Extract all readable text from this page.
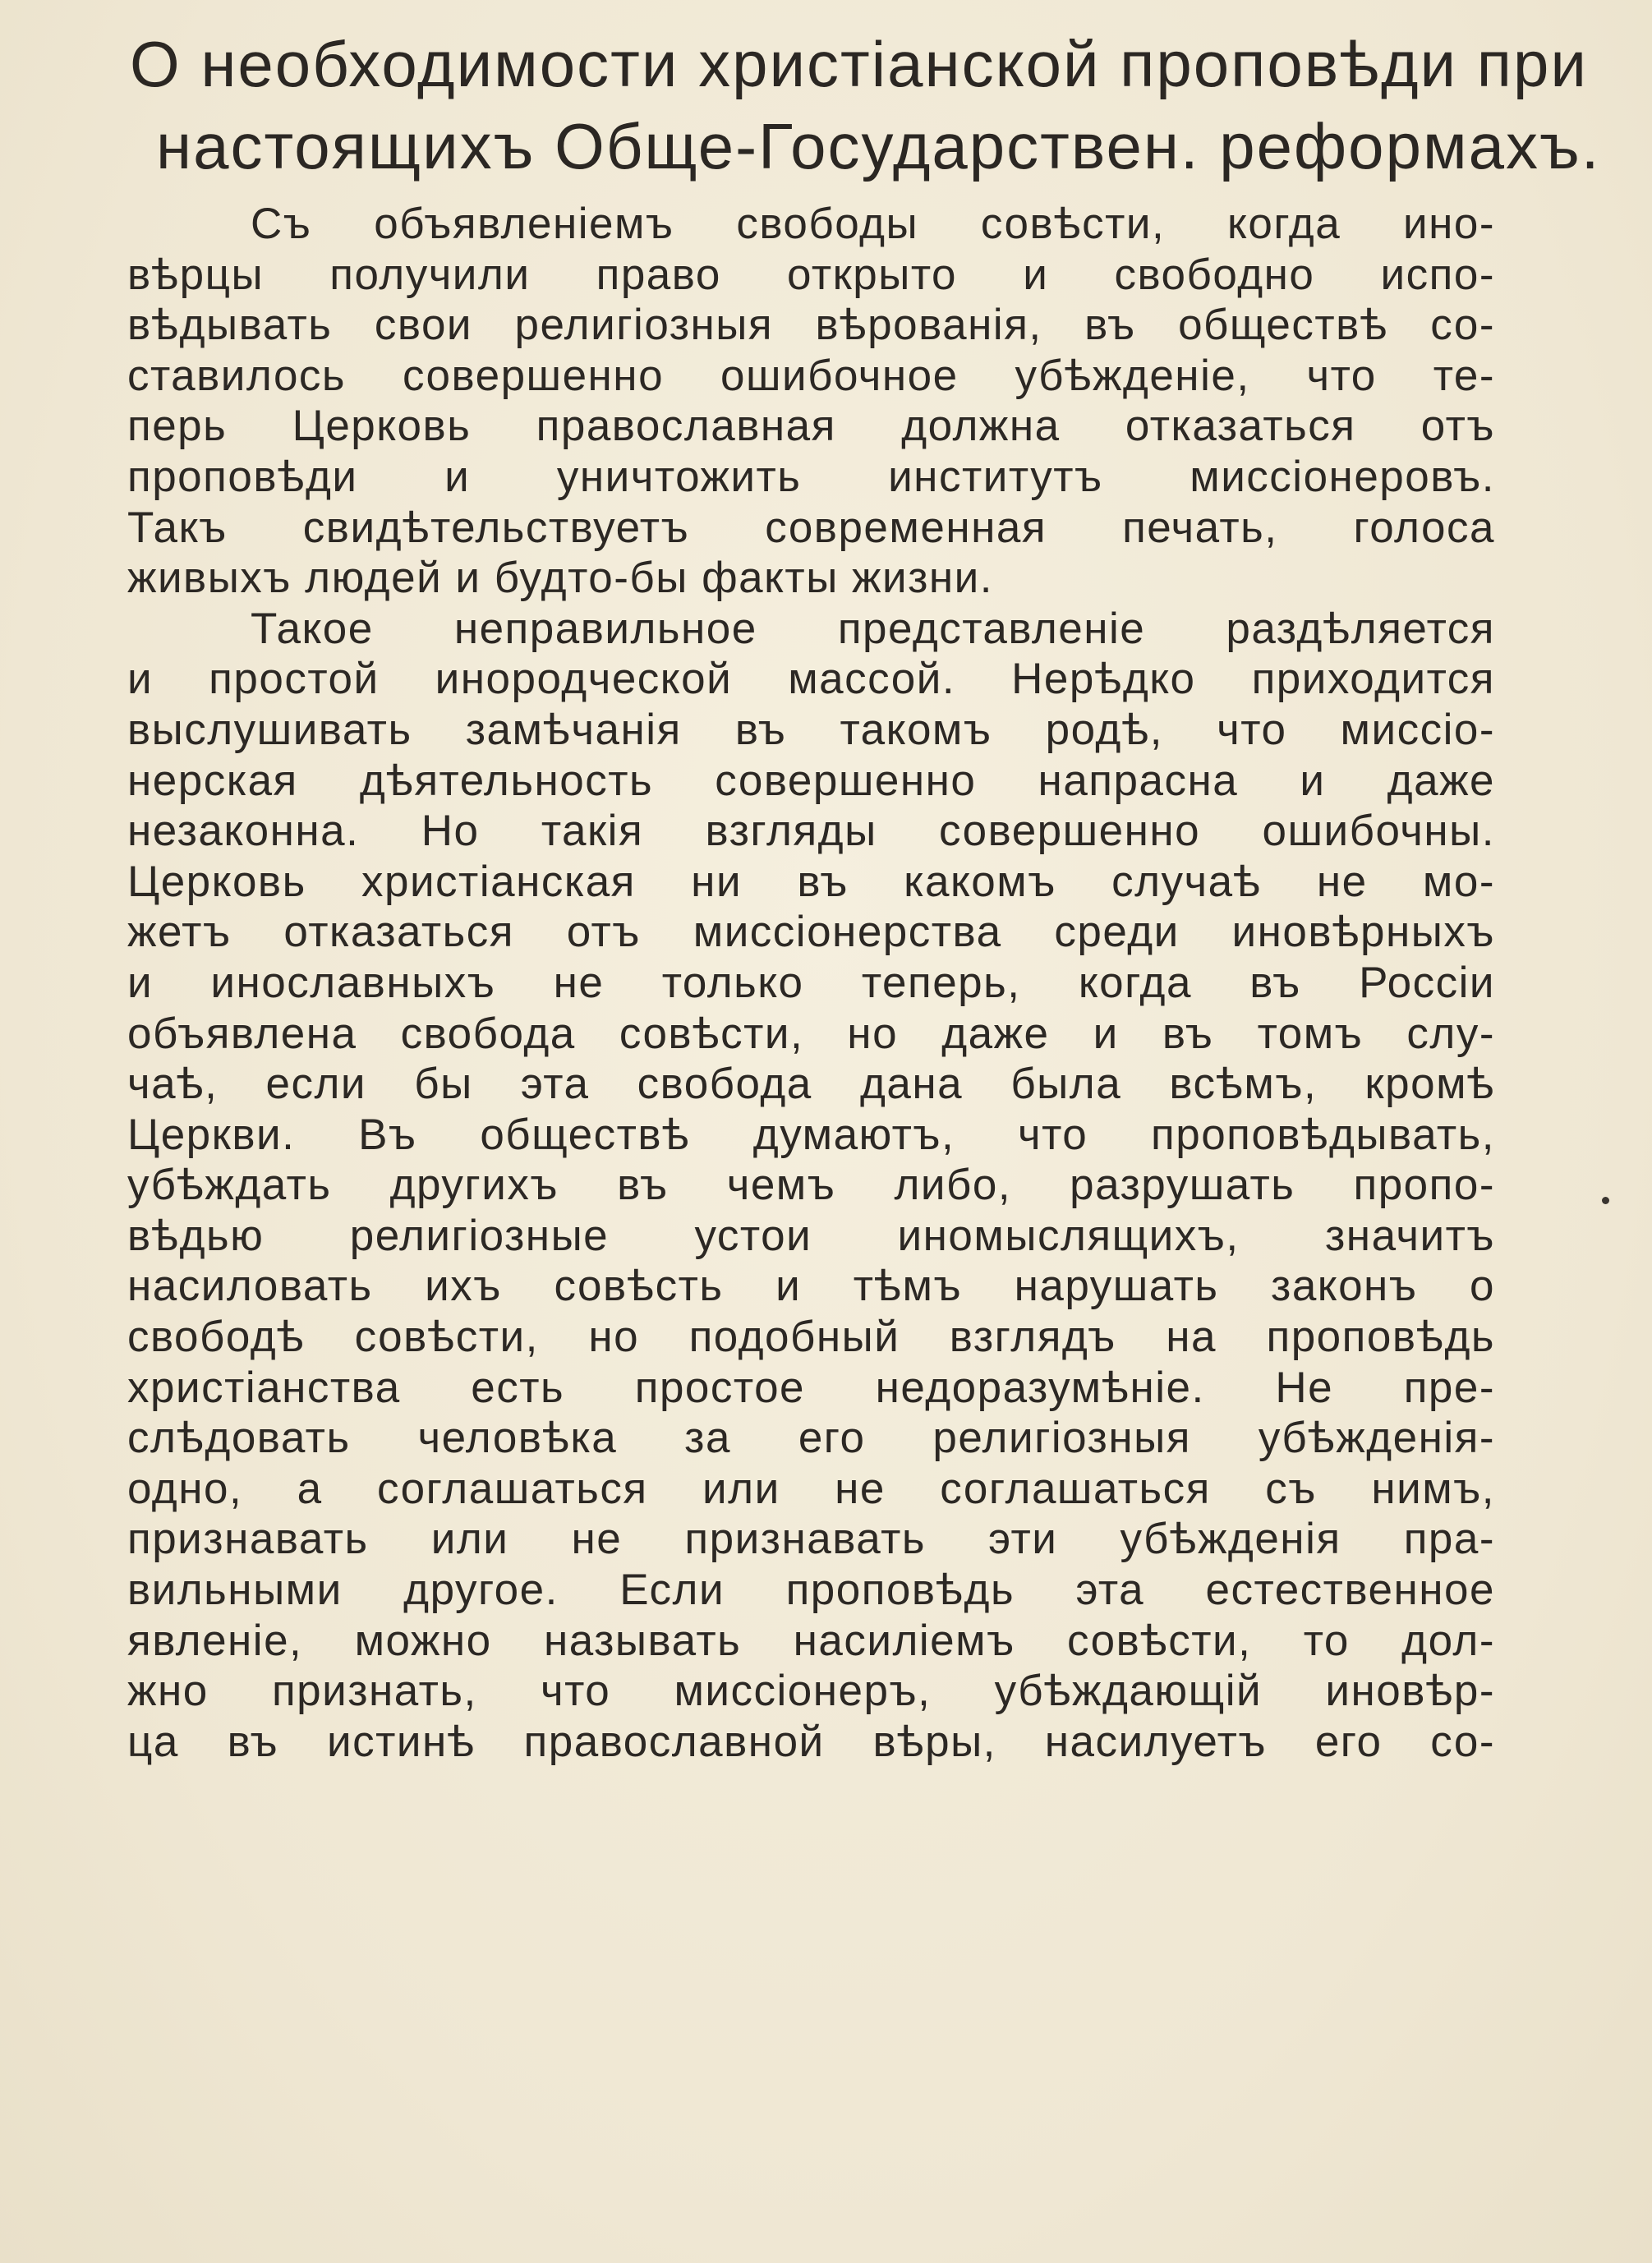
О необходимости христіанской проповѣди при
настоящихъ Обще-Государствен. реформахъ.
Съ объявленіемъ свободы совѣсти, когда ино-
вѣрцы получили право открыто и свободно испо-
вѣдывать свои религіозныя вѣрованія, въ обществѣ со-
ставилось совершенно ошибочное убѣжденіе, что те-
перь Церковь православная должна отказаться отъ
проповѣди и уничтожить институтъ миссіонеровъ.
Такъ свидѣтельствуетъ современная печать, голоса
живыхъ людей и будто-бы факты жизни.
Такое неправильное представленіе раздѣляется
и простой инородческой массой. Нерѣдко приходится
выслушивать замѣчанія въ такомъ родѣ, что миссіо-
нерская дѣятельность совершенно напрасна и даже
незаконна. Но такія взгляды совершенно ошибочны.
Церковь христіанская ни въ какомъ случаѣ не мо-
жетъ отказаться отъ миссіонерства среди иновѣрныхъ
и инославныхъ не только теперь, когда въ Россіи
объявлена свобода совѣсти, но даже и въ томъ слу-
чаѣ, если бы эта свобода дана была всѣмъ, кромѣ
Церкви. Въ обществѣ думаютъ, что проповѣдывать,
убѣждать другихъ въ чемъ либо, разрушать пропо-
вѣдью религіозные устои иномыслящихъ, значитъ
насиловать ихъ совѣсть и тѣмъ нарушать законъ о
свободѣ совѣсти, но подобный взглядъ на проповѣдь
христіанства есть простое недоразумѣніе. Не пре-
слѣдовать человѣка за его религіозныя убѣжденія-
одно, а соглашаться или не соглашаться съ нимъ,
признавать или не признавать эти убѣжденія пра-
вильными другое. Если проповѣдь эта естественное
явленіе, можно называть насиліемъ совѣсти, то дол-
жно признать, что миссіонеръ, убѣждающій иновѣр-
ца въ истинѣ православной вѣры, насилуетъ его со-
